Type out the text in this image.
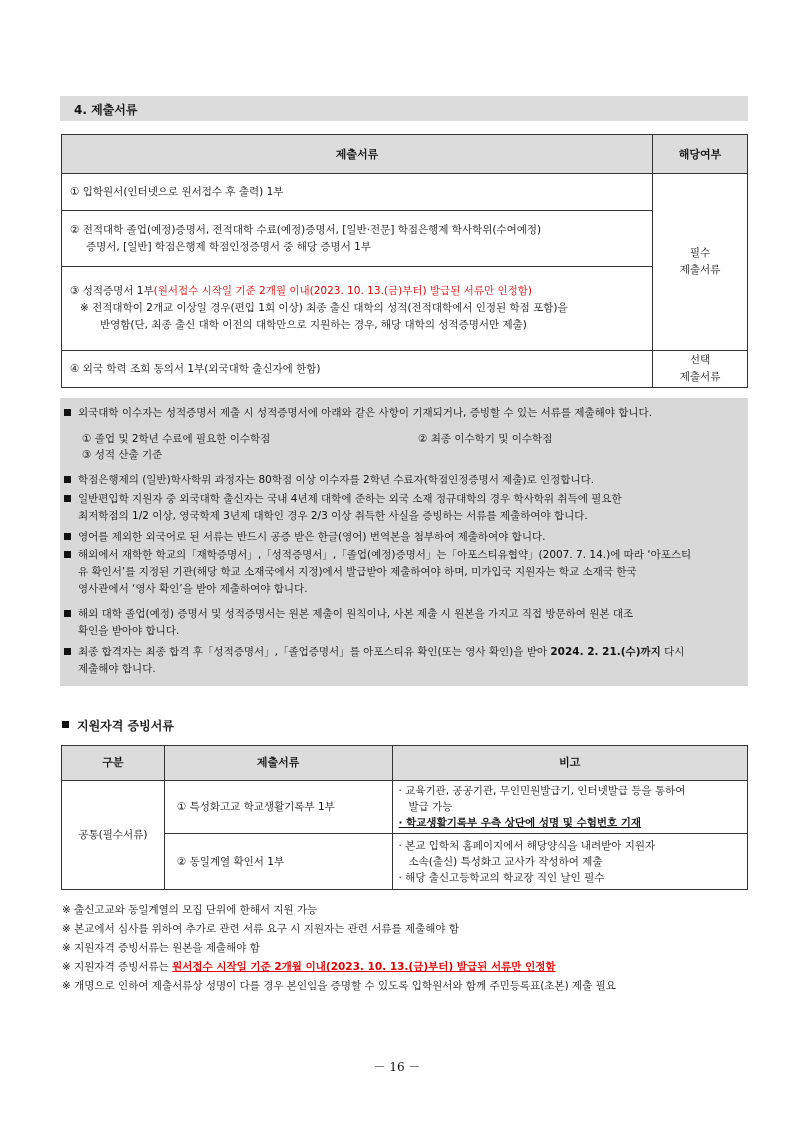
4. 제출서류
제출서류	해당여부
① 입학원서(인터넷으로 원서접수 후 출력) 1부	필수
제출서류

② 전적대학 졸업(예정)증명서, 전적대학 수료(예정)증명서, [일반·전문] 학점은행제 학사학위(수여예정)
증명서, [일반] 학점은행제 학점인정증명서 중 해당 증명서 1부	

③ 성적증명서 1부(원서접수 시작일 기준 2개월 이내(2023. 10. 13.(금)부터) 발급된 서류만 인정함)
※ 전적대학이 2개교 이상일 경우(편입 1회 이상) 최종 출신 대학의 성적(전적대학에서 인정된 학점 포함)을
반영함(단, 최종 출신 대학 이전의 대학만으로 지원하는 경우, 해당 대학의 성적증명서만 제출)	

④ 외국 학력 조회 동의서 1부(외국대학 출신자에 한함)	선택
제출서류
외국대학 이수자는 성적증명서 제출 시 성적증명서에 아래와 같은 사항이 기재되거나, 증빙할 수 있는 서류를 제출해야 합니다.
① 졸업 및 2학년 수료에 필요한 이수학점	② 최종 이수학기 및 이수학점
③ 성적 산출 기준
학점은행제의 (일반)학사학위 과정자는 80학점 이상 이수자를 2학년 수료자(학점인정증명서 제출)로 인정합니다.
일반편입학 지원자 중 외국대학 출신자는 국내 4년제 대학에 준하는 외국 소재 정규대학의 경우 학사학위 취득에 필요한
최저학점의 1/2 이상, 영국학제 3년제 대학인 경우 2/3 이상 취득한 사실을 증빙하는 서류를 제출하여야 합니다.
영어를 제외한 외국어로 된 서류는 반드시 공증 받은 한글(영어) 번역본을 첨부하여 제출하여야 합니다.
해외에서 재학한 학교의「재학증명서」,「성적증명서」,「졸업(예정)증명서」는「아포스티유협약」(2007. 7. 14.)에 따라 ‘아포스티
유 확인서’를 지정된 기관(해당 학교 소재국에서 지정)에서 발급받아 제출하여야 하며, 미가입국 지원자는 학교 소재국 한국
영사관에서 ‘영사 확인’을 받아 제출하여야 합니다.
해외 대학 졸업(예정) 증명서 및 성적증명서는 원본 제출이 원칙이나, 사본 제출 시 원본을 가지고 직접 방문하여 원본 대조
확인을 받아야 합니다.
최종 합격자는 최종 합격 후「성적증명서」,「졸업증명서」를 아포스티유 확인(또는 영사 확인)을 받아 2024. 2. 21.(수)까지 다시
제출해야 합니다.
지원자격 증빙서류
구분	제출서류	비고
공통(필수서류)	① 특성화고교 학교생활기록부 1부	· 교육기관, 공공기관, 무인민원발급기, 인터넷발급 등을 통하여
발급 가능
· 학교생활기록부 우측 상단에 성명 및 수험번호 기재

	② 동일계열 확인서 1부	· 본교 입학처 홈페이지에서 해당양식을 내려받아 지원자
소속(출신) 특성화고 교사가 작성하여 제출
· 해당 출신고등학교의 학교장 직인 날인 필수
※ 출신고교와 동일계열의 모집 단위에 한해서 지원 가능
※ 본교에서 심사를 위하여 추가로 관련 서류 요구 시 지원자는 관련 서류를 제출해야 함
※ 지원자격 증빙서류는 원본을 제출해야 함
※ 지원자격 증빙서류는 원서접수 시작일 기준 2개월 이내(2023. 10. 13.(금)부터) 발급된 서류만 인정함
※ 개명으로 인하여 제출서류상 성명이 다를 경우 본인임을 증명할 수 있도록 입학원서와 함께 주민등록표(초본) 제출 필요
－ 16 －
